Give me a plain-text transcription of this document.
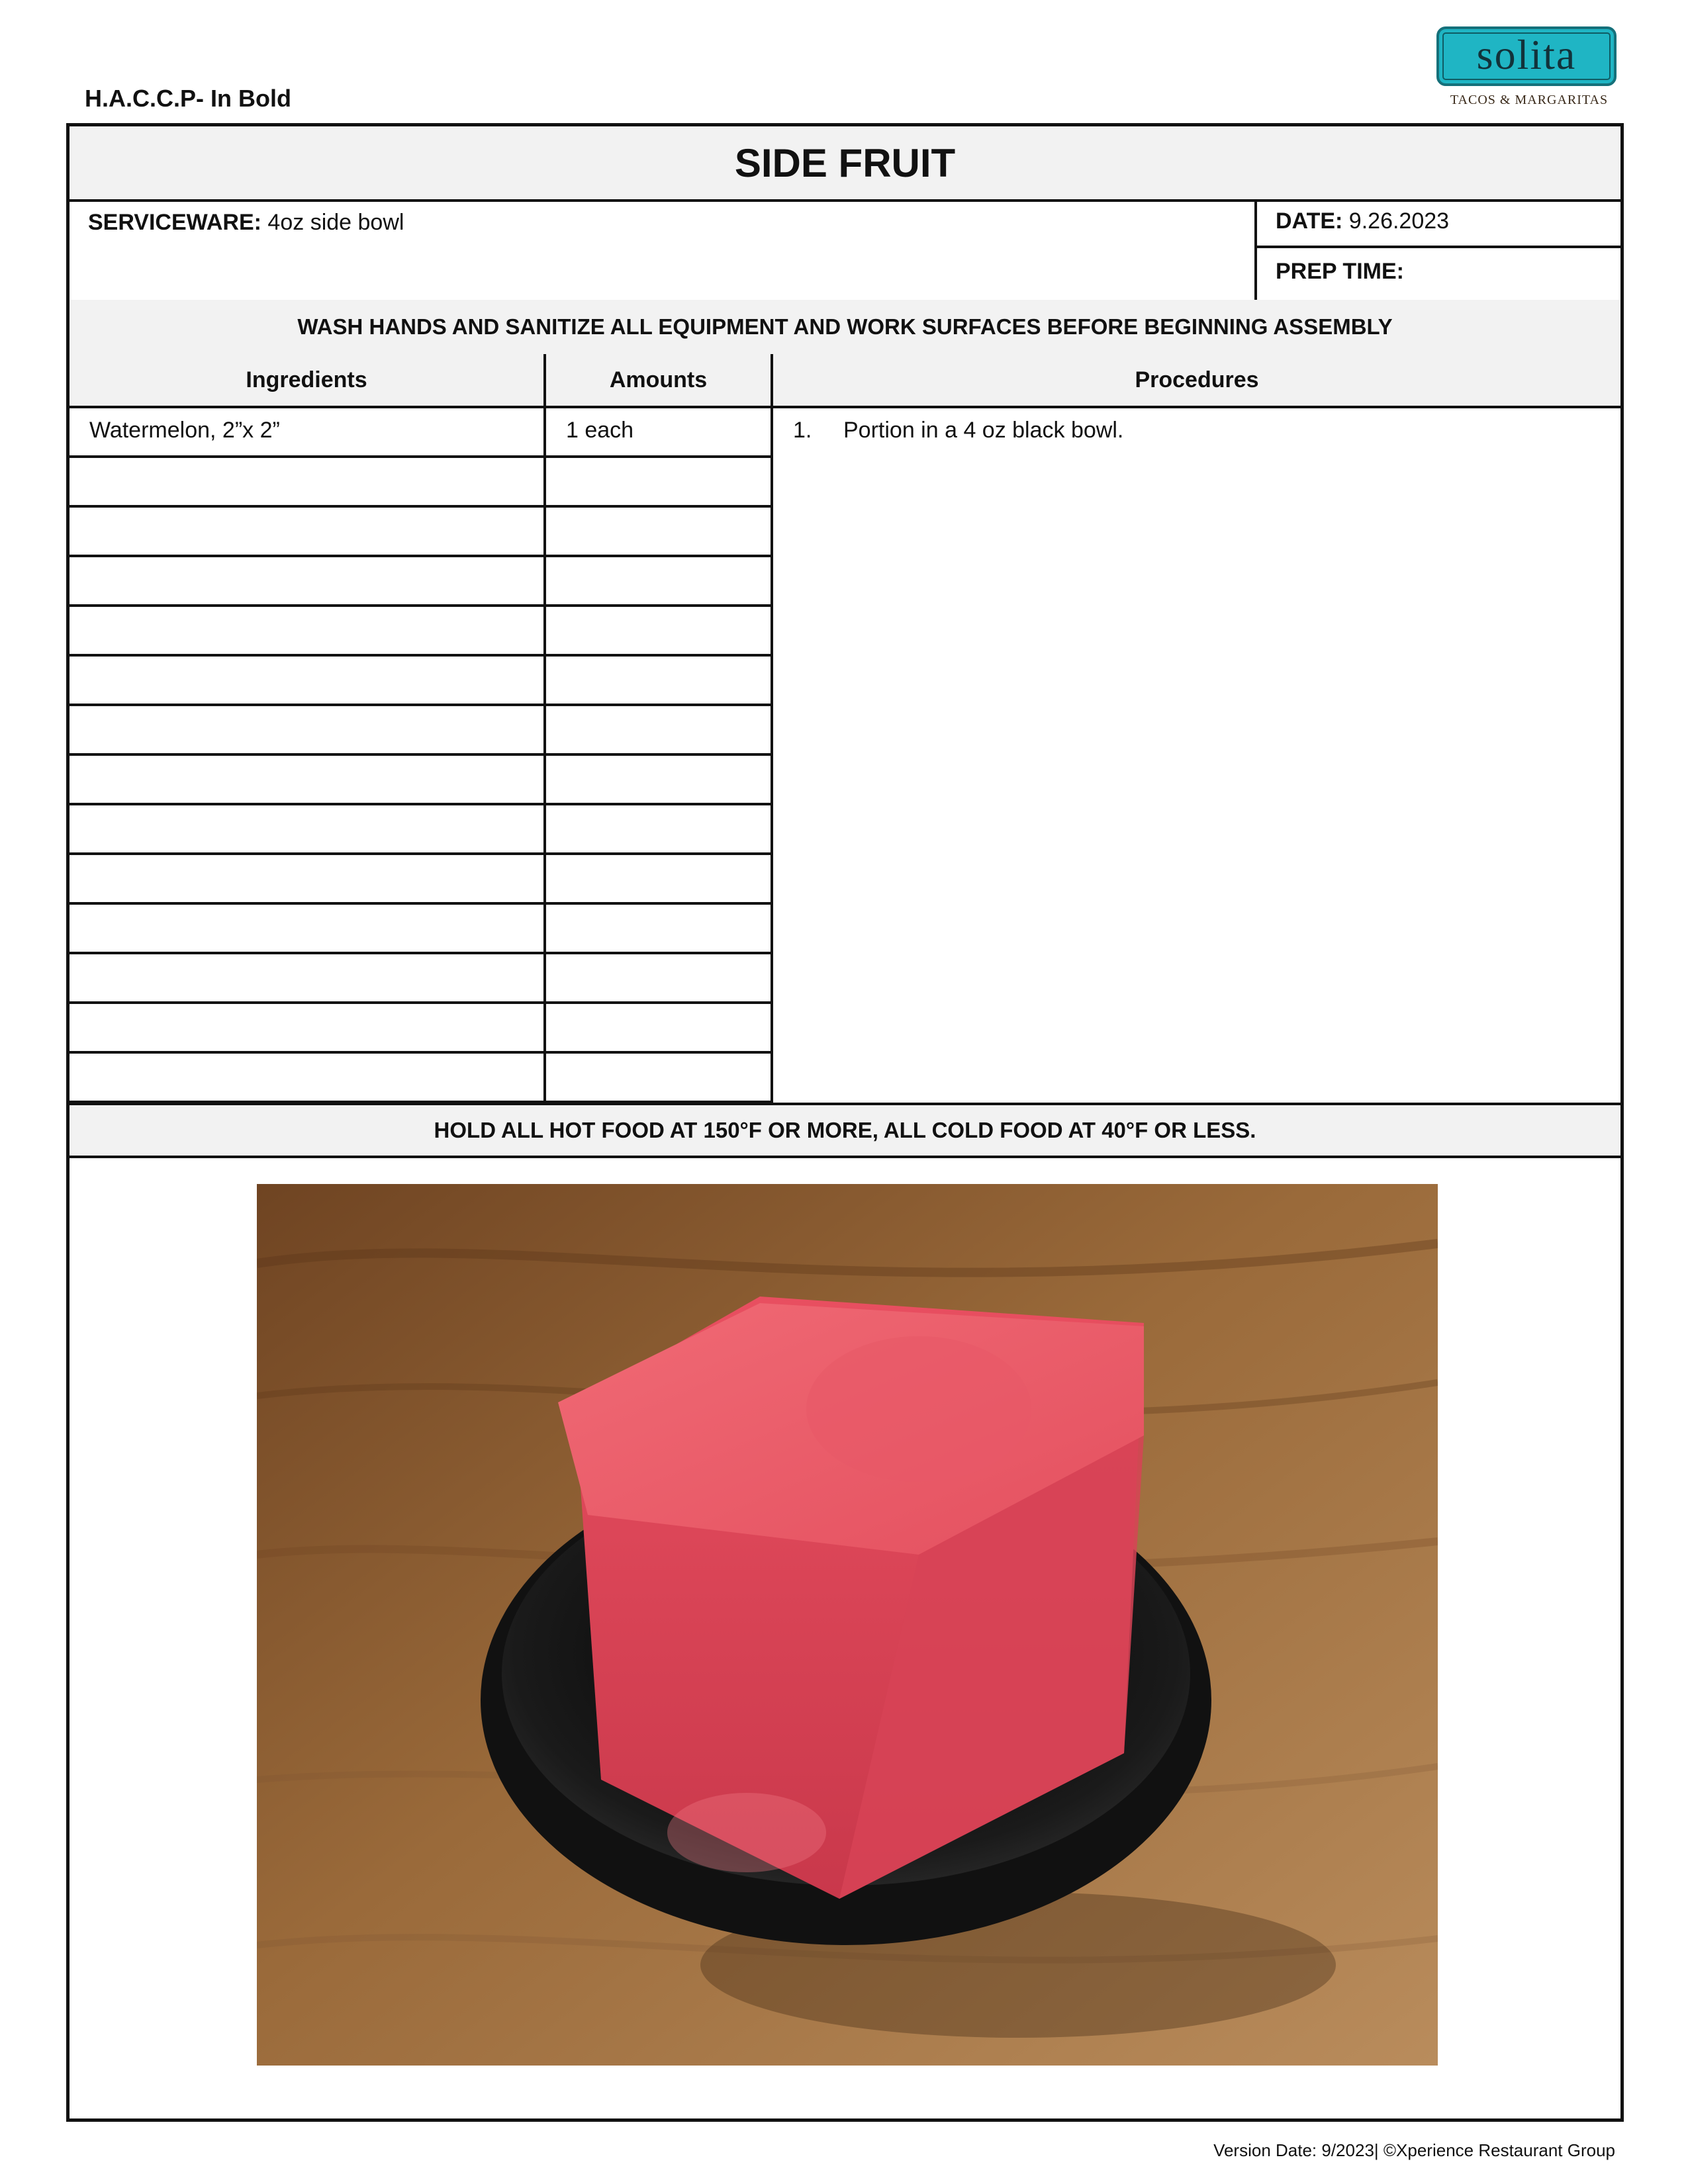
H.A.C.C.P- In Bold
solita
TACOS & MARGARITAS
SIDE FRUIT
SERVICEWARE: 4oz side bowl	DATE: 9.26.2023
PREP TIME:
WASH HANDS AND SANITIZE ALL EQUIPMENT AND WORK SURFACES BEFORE BEGINNING ASSEMBLY
Ingredients	Amounts	Procedures
Watermelon, 2”x 2”	1 each	1. Portion in a 4 oz black bowl.
HOLD ALL HOT FOOD AT 150°F OR MORE, ALL COLD FOOD AT 40°F OR LESS.
Version Date: 9/2023| ©Xperience Restaurant Group
